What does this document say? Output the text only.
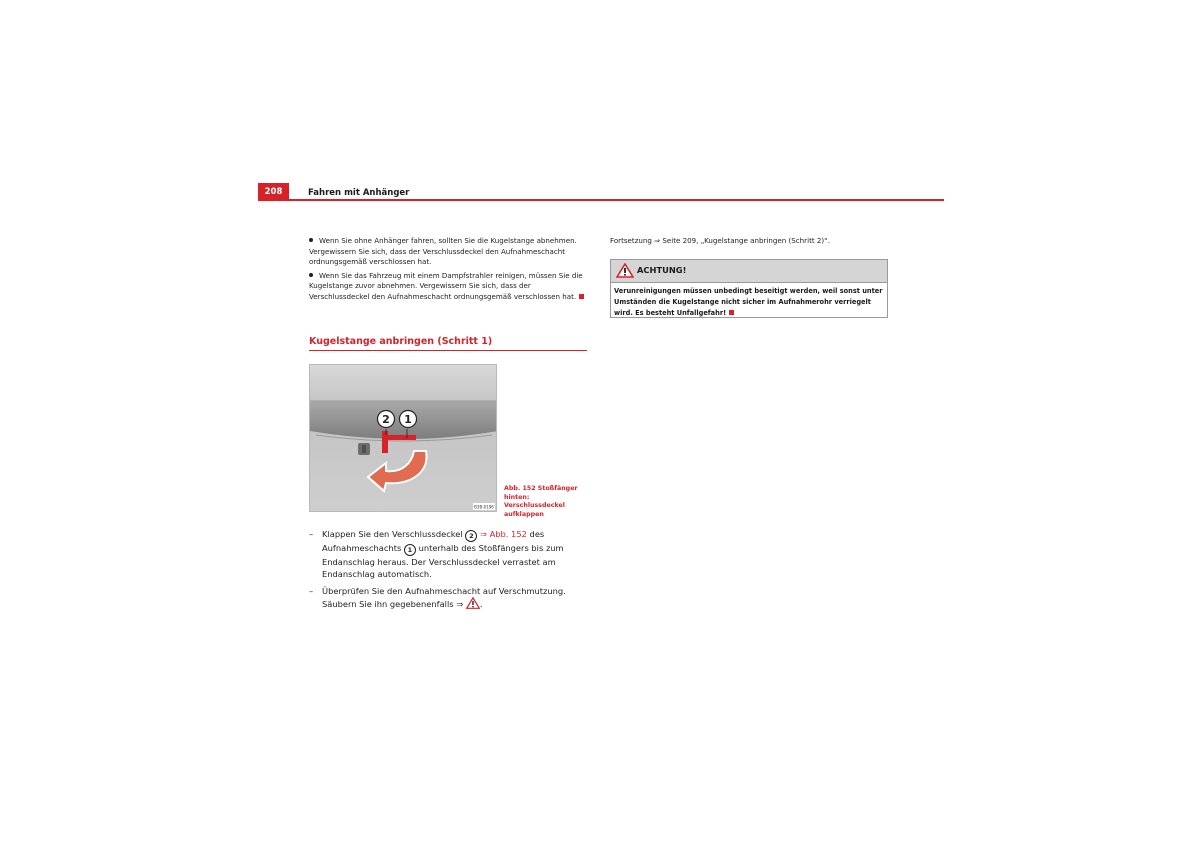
208	Fahren mit Anhänger

Wenn Sie ohne Anhänger fahren, sollten Sie die Kugelstange abnehmen. Vergewissern Sie sich, dass der Verschlussdeckel den Aufnahmeschacht ordnungsgemäß verschlossen hat.

Wenn Sie das Fahrzeug mit einem Dampfstrahler reinigen, müssen Sie die Kugelstange zuvor abnehmen. Vergewissern Sie sich, dass der Verschlussdeckel den Aufnahmeschacht ordnungsgemäß verschlossen hat.

Kugelstange anbringen (Schritt 1)
2 1
B3B-0196
Abb. 152 Stoßfänger hinten: Verschlussdeckel aufklappen
– Klappen Sie den Verschlussdeckel 2 ⇒ Abb. 152 des Aufnahmeschachts 1 unterhalb des Stoßfängers bis zum Endanschlag heraus. Der Verschlussdeckel verrastet am Endanschlag automatisch.
– Überprüfen Sie den Aufnahmeschacht auf Verschmutzung. Säubern Sie ihn gegebenenfalls ⇒ .
Fortsetzung ⇒ Seite 209, „Kugelstange anbringen (Schritt 2)“.
ACHTUNG!
Verunreinigungen müssen unbedingt beseitigt werden, weil sonst unter Umständen die Kugelstange nicht sicher im Aufnahmerohr verriegelt wird. Es besteht Unfallgefahr!
